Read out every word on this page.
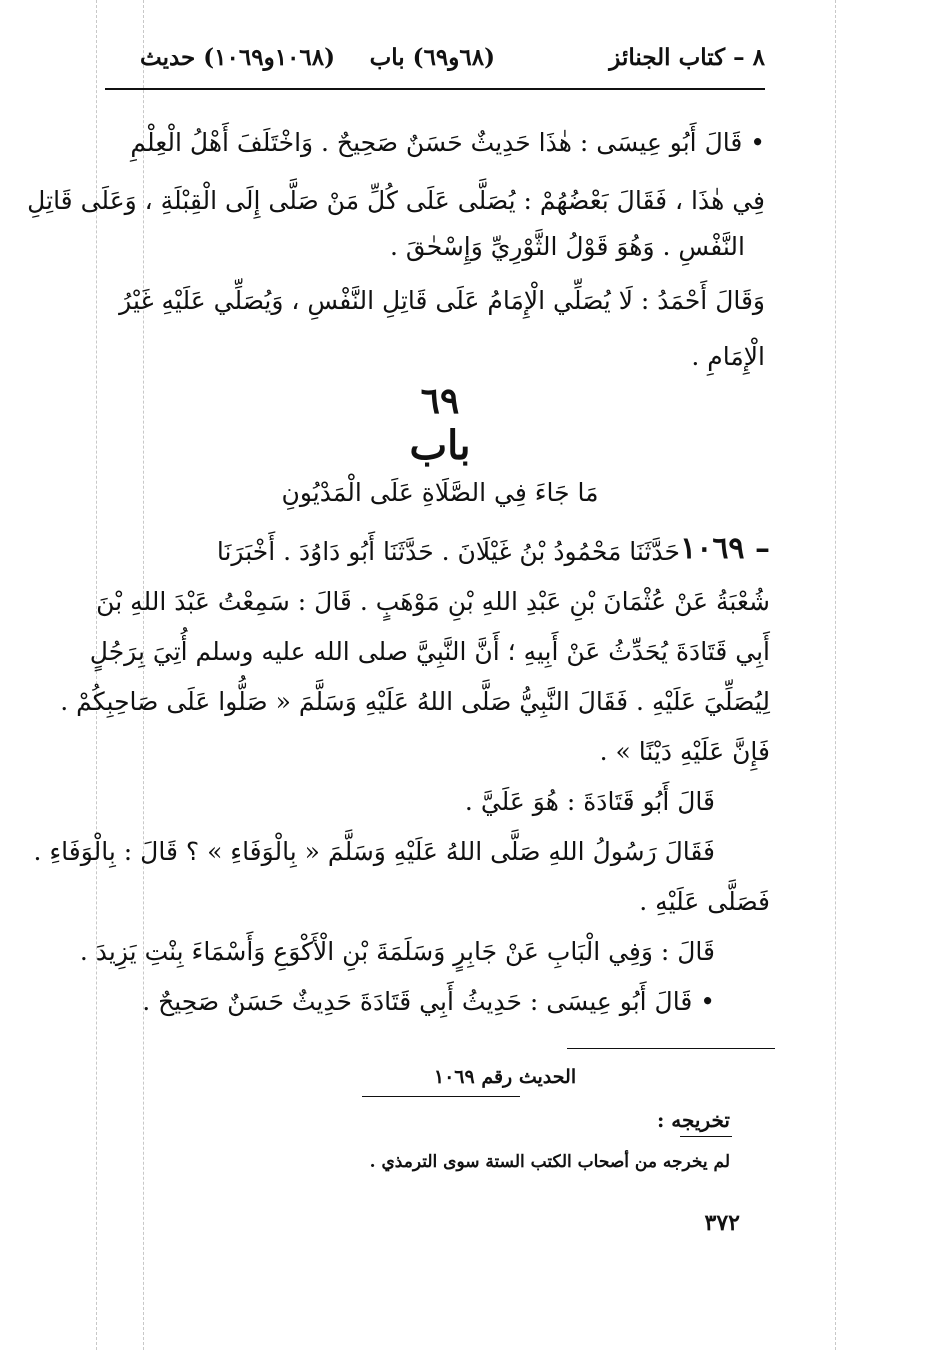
٨ – كتاب الجنائز
(٦٨و٦٩) باب
(١٠٦٨و١٠٦٩) حديث
• قَالَ أَبُو عِيسَى : هٰذَا حَدِيثٌ حَسَنٌ صَحِيحٌ . وَاخْتَلَفَ أَهْلُ الْعِلْمِ
فِي هٰذَا ، فَقَالَ بَعْضُهُمْ : يُصَلَّى عَلَى كُلِّ مَنْ صَلَّى إِلَى الْقِبْلَةِ ، وَعَلَى قَاتِلِ
النَّفْسِ . وَهُوَ قَوْلُ الثَّوْرِيِّ وَإِسْحٰقَ .
وَقَالَ أَحْمَدُ : لَا يُصَلِّي الْإِمَامُ عَلَى قَاتِلِ النَّفْسِ ، وَيُصَلِّي عَلَيْهِ غَيْرُ
الْإِمَامِ .
٦٩
باب
مَا جَاءَ فِي الصَّلَاةِ عَلَى الْمَدْيُونِ
١٠٦٩ –
حَدَّثَنَا مَحْمُودُ بْنُ غَيْلَانَ . حَدَّثَنَا أَبُو دَاوُدَ . أَخْبَرَنَا
شُعْبَةُ عَنْ عُثْمَانَ بْنِ عَبْدِ اللهِ بْنِ مَوْهَبٍ . قَالَ : سَمِعْتُ عَبْدَ اللهِ بْنَ
أَبِي قَتَادَةَ يُحَدِّثُ عَنْ أَبِيهِ ؛ أَنَّ النَّبِيَّ صلى الله عليه وسلم أُتِيَ بِرَجُلٍ
لِيُصَلِّيَ عَلَيْهِ . فَقَالَ النَّبِيُّ صَلَّى اللهُ عَلَيْهِ وَسَلَّمَ « صَلُّوا عَلَى صَاحِبِكُمْ .
فَإِنَّ عَلَيْهِ دَيْنًا » .
قَالَ أَبُو قَتَادَةَ : هُوَ عَلَيَّ .
فَقَالَ رَسُولُ اللهِ صَلَّى اللهُ عَلَيْهِ وَسَلَّمَ « بِالْوَفَاءِ » ؟ قَالَ : بِالْوَفَاءِ .
فَصَلَّى عَلَيْهِ .
قَالَ : وَفِي الْبَابِ عَنْ جَابِرٍ وَسَلَمَةَ بْنِ الْأَكْوَعِ وَأَسْمَاءَ بِنْتِ يَزِيدَ .
• قَالَ أَبُو عِيسَى : حَدِيثُ أَبِي قَتَادَةَ حَدِيثٌ حَسَنٌ صَحِيحٌ .
الحديث رقم ١٠٦٩
تخريجه :
لم يخرجه من أصحاب الكتب الستة سوى الترمذي .
٣٧٢
